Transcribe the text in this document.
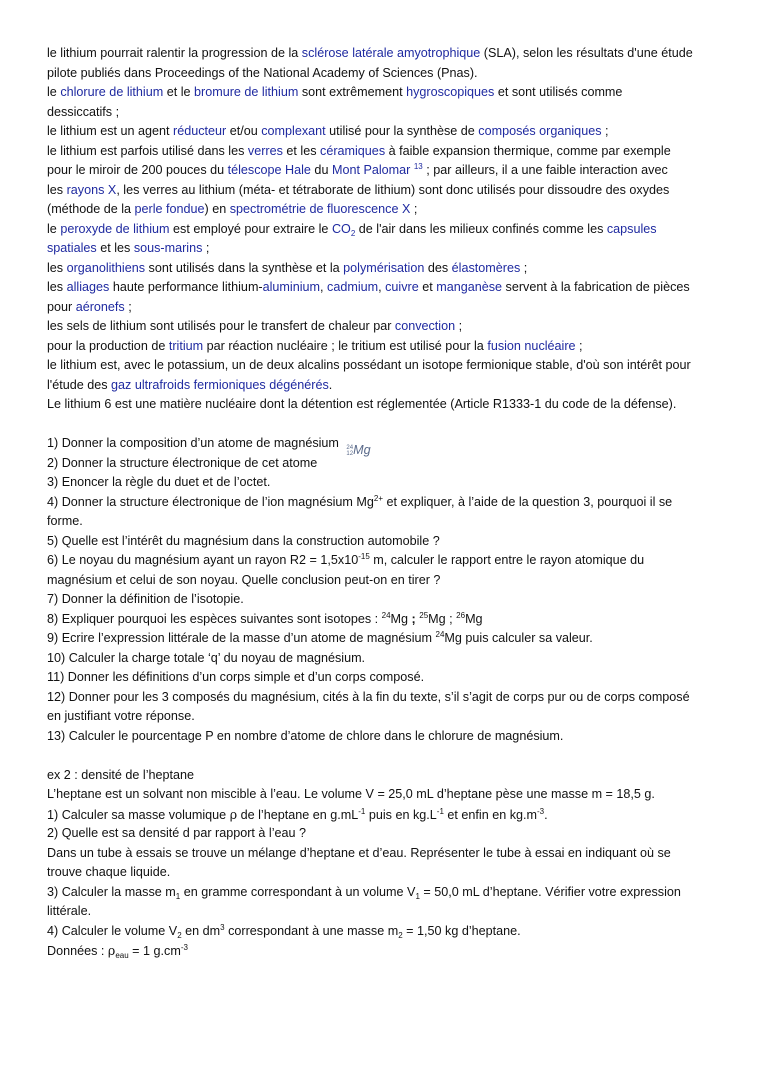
le lithium pourrait ralentir la progression de la sclérose latérale amyotrophique (SLA), selon les résultats d'une étude
pilote publiés dans Proceedings of the National Academy of Sciences (Pnas).
le chlorure de lithium et le bromure de lithium sont extrêmement hygroscopiques et sont utilisés comme
dessiccatifs ;
le lithium est un agent réducteur et/ou complexant utilisé pour la synthèse de composés organiques ;
le lithium est parfois utilisé dans les verres et les céramiques à faible expansion thermique, comme par exemple
pour le miroir de 200 pouces du télescope Hale du Mont Palomar $^{13}$ ; par ailleurs, il a une faible interaction avec
les rayons X, les verres au lithium (méta- et tétraborate de lithium) sont donc utilisés pour dissoudre des oxydes
(méthode de la perle fondue) en spectrométrie de fluorescence X ;
le peroxyde de lithium est employé pour extraire le $CO_2$ de l'air dans les milieux confinés comme les capsules
spatiales et les sous-marins ;
les organolithiens sont utilisés dans la synthèse et la polymérisation des élastomères ;
les alliages haute performance lithium-aluminium, cadmium, cuivre et manganèse servent à la fabrication de pièces
pour aéronefs ;
les sels de lithium sont utilisés pour le transfert de chaleur par convection ;
pour la production de tritium par réaction nucléaire ; le tritium est utilisé pour la fusion nucléaire ;
le lithium est, avec le potassium, un de deux alcalins possédant un isotope fermionique stable, d'où son intérêt pour
l'étude des gaz ultrafroids fermioniques dégénérés.
Le lithium 6 est une matière nucléaire dont la détention est réglementée (Article R1333-1 du code de la défense).
1) Donner la composition d’un atome de magnésium 24
12 Mg
2) Donner la structure électronique de cet atome
3) Enoncer la règle du duet et de l’octet.
4) Donner la structure électronique de l’ion magnésium $Mg^{2+}$ et expliquer, à l’aide de la question 3, pourquoi il se
forme.
5) Quelle est l’intérêt du magnésium dans la construction automobile ?
6) Le noyau du magnésium ayant un rayon $R2 = 1,5x10^{-15}$ m, calculer le rapport entre le rayon atomique du
magnésium et celui de son noyau. Quelle conclusion peut-on en tirer ?
7) Donner la définition de l’isotopie.
8) Expliquer pourquoi les espèces suivantes sont isotopes : $^{24}$Mg ; $^{25}$Mg ; $^{26}$Mg
9) Ecrire l’expression littérale de la masse d’un atome de magnésium $^{24}$Mg puis calculer sa valeur.
10) Calculer la charge totale ‘q’ du noyau de magnésium.
11) Donner les définitions d’un corps simple et d’un corps composé.
12) Donner pour les 3 composés du magnésium, cités à la fin du texte, s’il s’agit de corps pur ou de corps composé
en justifiant votre réponse.
13) Calculer le pourcentage P en nombre d’atome de chlore dans le chlorure de magnésium.
ex 2 : densité de l’heptane
L’heptane est un solvant non miscible à l’eau. Le volume V = 25,0 mL d’heptane pèse une masse m = 18,5 g.
1) Calculer sa masse volumique ρ de l’heptane en $g.mL^{-1}$ puis en $kg.L^{-1}$ et enfin en $kg.m^{-3}$.
2) Quelle est sa densité d par rapport à l’eau ?
Dans un tube à essais se trouve un mélange d’heptane et d’eau. Représenter le tube à essai en indiquant où se
trouve chaque liquide.
3) Calculer la masse $m_1$ en gramme correspondant à un volume $V_1 = 50,0$ mL d’heptane. Vérifier votre expression
littérale.
4) Calculer le volume $V_2$ en $dm^3$ correspondant à une masse $m_2 = 1,50$ kg d’heptane.
Données : $\rho_{eau} = 1$ $g.cm^{-3}$
